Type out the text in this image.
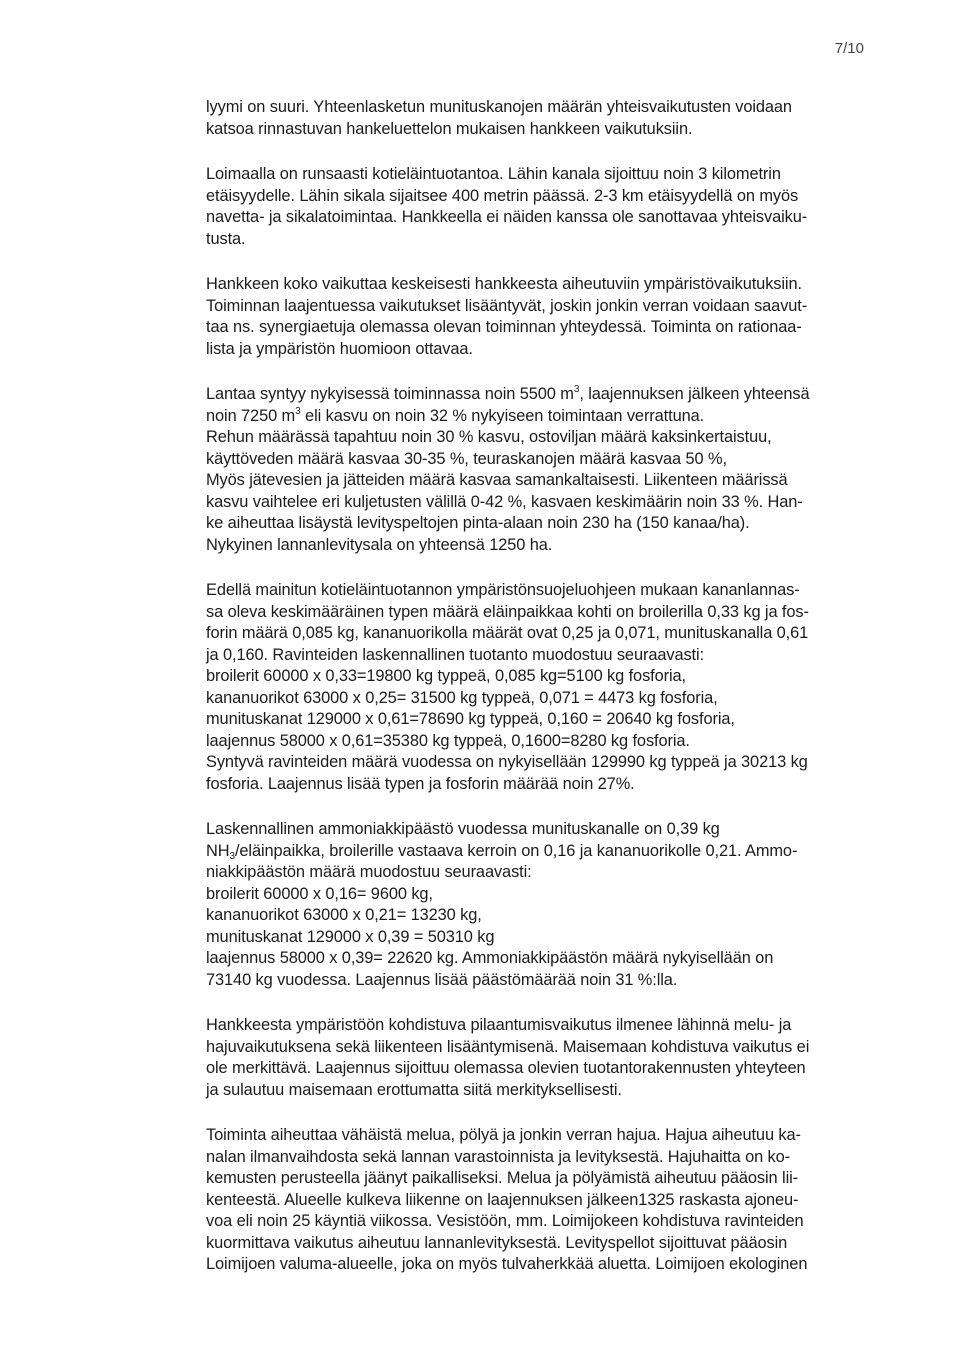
7/10

lyymi on suuri. Yhteenlasketun munituskanojen määrän yhteisvaikutusten voidaan
katsoa rinnastuvan hankeluettelon mukaisen hankkeen vaikutuksiin.

Loimaalla on runsaasti kotieläintuotantoa. Lähin kanala sijoittuu noin 3 kilometrin
etäisyydelle. Lähin sikala sijaitsee 400 metrin päässä. 2-3 km etäisyydellä on myös
navetta- ja sikalatoimintaa. Hankkeella ei näiden kanssa ole sanottavaa yhteisvaiku-
tusta.

Hankkeen koko vaikuttaa keskeisesti hankkeesta aiheutuviin ympäristövaikutuksiin.
Toiminnan laajentuessa vaikutukset lisääntyvät, joskin jonkin verran voidaan saavut-
taa ns. synergiaetuja olemassa olevan toiminnan yhteydessä. Toiminta on rationaa-
lista ja ympäristön huomioon ottavaa.

Lantaa syntyy nykyisessä toiminnassa noin 5500 $m^3$, laajennuksen jälkeen yhteensä
noin 7250 $m^3$ eli kasvu on noin 32 % nykyiseen toimintaan verrattuna.
Rehun määrässä tapahtuu noin 30 % kasvu, ostoviljan määrä kaksinkertaistuu,
käyttöveden määrä kasvaa 30-35 %, teuraskanojen määrä kasvaa 50 %,
Myös jätevesien ja jätteiden määrä kasvaa samankaltaisesti. Liikenteen määrissä
kasvu vaihtelee eri kuljetusten välillä 0-42 %, kasvaen keskimäärin noin 33 %. Han-
ke aiheuttaa lisäystä levityspeltojen pinta-alaan noin 230 ha (150 kanaa/ha).
Nykyinen lannanlevitysala on yhteensä 1250 ha.

Edellä mainitun kotieläintuotannon ympäristönsuojeluohjeen mukaan kananlannas-
sa oleva keskimääräinen typen määrä eläinpaikkaa kohti on broilerilla 0,33 kg ja fos-
forin määrä 0,085 kg, kananuorikolla määrät ovat 0,25 ja 0,071, munituskanalla 0,61
ja 0,160. Ravinteiden laskennallinen tuotanto muodostuu seuraavasti:
broilerit 60000 x 0,33=19800 kg typpeä, 0,085 kg=5100 kg fosforia,
kananuorikot 63000 x 0,25= 31500 kg typpeä, 0,071 = 4473 kg fosforia,
munituskanat 129000 x 0,61=78690 kg typpeä, 0,160 = 20640 kg fosforia,
laajennus 58000 x 0,61=35380 kg typpeä, 0,1600=8280 kg fosforia.
Syntyvä ravinteiden määrä vuodessa on nykyisellään 129990 kg typpeä ja 30213 kg
fosforia. Laajennus lisää typen ja fosforin määrää noin 27%.

Laskennallinen ammoniakkipäästö vuodessa munituskanalle on 0,39 kg
$NH_3$/eläinpaikka, broilerille vastaava kerroin on 0,16 ja kananuorikolle 0,21. Ammo-
niakkipäästön määrä muodostuu seuraavasti:
broilerit 60000 x 0,16= 9600 kg,
kananuorikot 63000 x 0,21= 13230 kg,
munituskanat 129000 x 0,39 = 50310 kg
laajennus 58000 x 0,39= 22620 kg. Ammoniakkipäästön määrä nykyisellään on
73140 kg vuodessa. Laajennus lisää päästömäärää noin 31 %:lla.

Hankkeesta ympäristöön kohdistuva pilaantumisvaikutus ilmenee lähinnä melu- ja
hajuvaikutuksena sekä liikenteen lisääntymisenä. Maisemaan kohdistuva vaikutus ei
ole merkittävä. Laajennus sijoittuu olemassa olevien tuotantorakennusten yhteyteen
ja sulautuu maisemaan erottumatta siitä merkityksellisesti.

Toiminta aiheuttaa vähäistä melua, pölyä ja jonkin verran hajua. Hajua aiheutuu ka-
nalan ilmanvaihdosta sekä lannan varastoinnista ja levityksestä. Hajuhaitta on ko-
kemusten perusteella jäänyt paikalliseksi. Melua ja pölyämistä aiheutuu pääosin lii-
kenteestä. Alueelle kulkeva liikenne on laajennuksen jälkeen1325 raskasta ajoneu-
voa eli noin 25 käyntiä viikossa. Vesistöön, mm. Loimijokeen kohdistuva ravinteiden
kuormittava vaikutus aiheutuu lannanlevityksestä. Levityspellot sijoittuvat pääosin
Loimijoen valuma-alueelle, joka on myös tulvaherkkää aluetta. Loimijoen ekologinen
